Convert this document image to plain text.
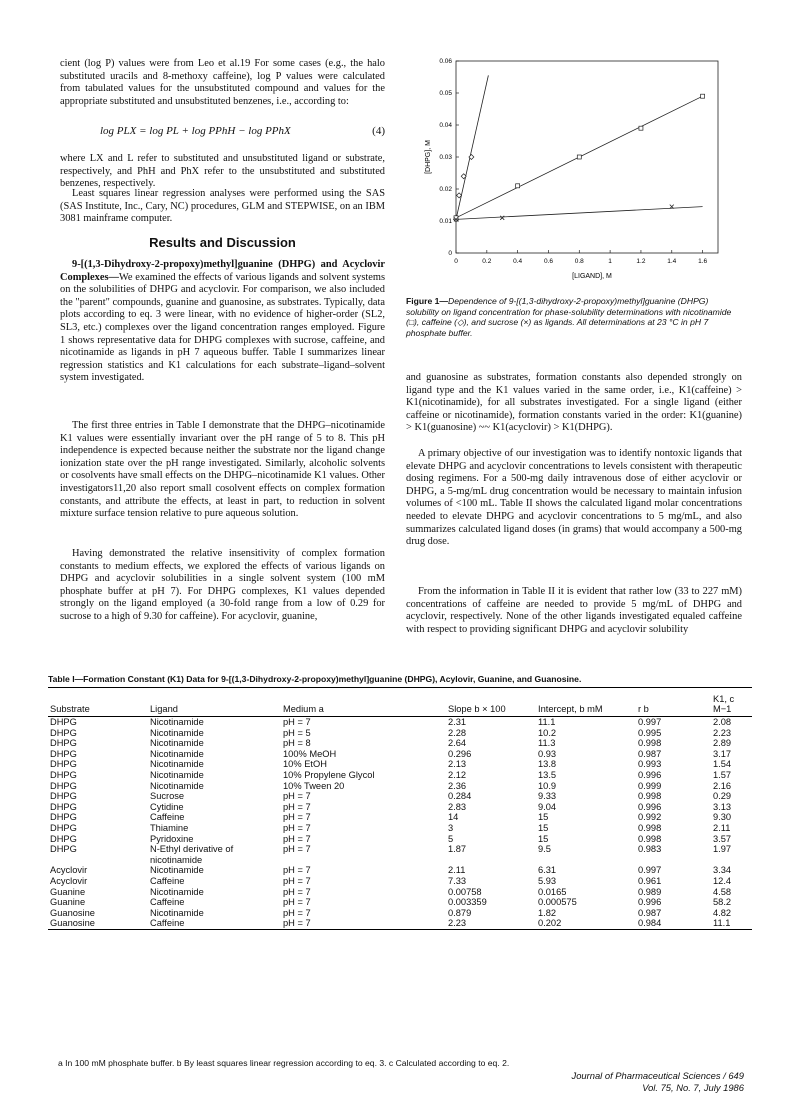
cient (log P) values were from Leo et al.19 For some cases (e.g., the halo substituted uracils and 8-methoxy caffeine), log P values were calculated from tabulated values for the unsubstituted compound and values for the appropriate substituted and unsubstituted benzenes, i.e., according to:

log PLX = log PL + log PPhH − log PPhX	(4)

where LX and L refer to substituted and unsubstituted ligand or substrate, respectively, and PhH and PhX refer to the unsubstituted and substituted benzenes, respectively.

Least squares linear regression analyses were performed using the SAS (SAS Institute, Inc., Cary, NC) procedures, GLM and STEPWISE, on an IBM 3081 mainframe computer.

Results and Discussion

9-[(1,3-Dihydroxy-2-propoxy)methyl]guanine (DHPG) and Acyclovir Complexes—We examined the effects of various ligands and solvent systems on the solubilities of DHPG and acyclovir. For comparison, we also included the "parent" compounds, guanine and guanosine, as substrates. Typically, data plots according to eq. 3 were linear, with no evidence of higher-order (SL2, SL3, etc.) complexes over the ligand concentration ranges employed. Figure 1 shows representative data for DHPG complexes with sucrose, caffeine, and nicotinamide as ligands in pH 7 aqueous buffer. Table I summarizes linear regression statistics and K1 calculations for each substrate–ligand–solvent system investigated.

The first three entries in Table I demonstrate that the DHPG–nicotinamide K1 values were essentially invariant over the pH range of 5 to 8. This pH independence is expected because neither the substrate nor the ligand change ionization state over the pH range investigated. Similarly, alcoholic solvents or cosolvents have small effects on the DHPG–nicotinamide K1 values. Other investigators11,20 also report small cosolvent effects on complex formation constants, and attribute the effects, at least in part, to reduction in solvent mixture surface tension relative to pure aqueous solution.

Having demonstrated the relative insensitivity of complex formation constants to medium effects, we explored the effects of various ligands on DHPG and acyclovir solubilities in a single solvent system (100 mM phosphate buffer at pH 7). For DHPG complexes, K1 values depended strongly on the ligand employed (a 30-fold range from a low of 0.29 for sucrose to a high of 9.30 for caffeine). For acyclovir, guanine,

0	0.2	0.4	0.6	0.8	1	1.2	1.4	1.6
0
0.01
0.02
0.03
0.04
0.05
0.06
[LIGAND], M
[DHPG], M
Figure 1—Dependence of 9-[(1,3-dihydroxy-2-propoxy)methyl]guanine (DHPG) solubility on ligand concentration for phase-solubility determinations with nicotinamide (□), caffeine (◇), and sucrose (×) as ligands. All determinations at 23 °C in pH 7 phosphate buffer.

and guanosine as substrates, formation constants also depended strongly on ligand type and the K1 values varied in the same order, i.e., K1(caffeine) > K1(nicotinamide), for all substrates investigated. For a single ligand (either caffeine or nicotinamide), formation constants varied in the order: K1(guanine) > K1(guanosine) ~~ K1(acyclovir) > K1(DHPG).

A primary objective of our investigation was to identify nontoxic ligands that elevate DHPG and acyclovir concentrations to levels consistent with therapeutic dosing regimens. For a 500-mg daily intravenous dose of either acyclovir or DHPG, a 5-mg/mL drug concentration would be necessary to maintain infusion volumes of <100 mL. Table II shows the calculated ligand molar concentrations needed to elevate DHPG and acyclovir concentrations to 5 mg/mL, and also summarizes calculated ligand doses (in grams) that would accompany a 500-mg drug dose.

From the information in Table II it is evident that rather low (33 to 227 mM) concentrations of caffeine are needed to provide 5 mg/mL of DHPG and acyclovir, respectively. None of the other ligands investigated equaled caffeine with respect to providing significant DHPG and acyclovir solubility

Table I—Formation Constant (K1) Data for 9-[(1,3-Dihydroxy-2-propoxy)methyl]guanine (DHPG), Acylovir, Guanine, and Guanosine.
Substrate	Ligand	Medium a	Slope b × 100	Intercept, b mM	r b	K1, c M−1
DHPG	Nicotinamide	pH = 7	2.31	11.1	0.997	2.08
DHPG	Nicotinamide	pH = 5	2.28	10.2	0.995	2.23
DHPG	Nicotinamide	pH = 8	2.64	11.3	0.998	2.89
DHPG	Nicotinamide	100% MeOH	0.296	0.93	0.987	3.17
DHPG	Nicotinamide	10% EtOH	2.13	13.8	0.993	1.54
DHPG	Nicotinamide	10% Propylene Glycol	2.12	13.5	0.996	1.57
DHPG	Nicotinamide	10% Tween 20	2.36	10.9	0.999	2.16
DHPG	Sucrose	pH = 7	0.284	9.33	0.998	0.29
DHPG	Cytidine	pH = 7	2.83	9.04	0.996	3.13
DHPG	Caffeine	pH = 7	14	15	0.992	9.30
DHPG	Thiamine	pH = 7	3	15	0.998	2.11
DHPG	Pyridoxine	pH = 7	5	15	0.998	3.57
DHPG	N-Ethyl derivative of nicotinamide	pH = 7	1.87	9.5	0.983	1.97
Acyclovir	Nicotinamide	pH = 7	2.11	6.31	0.997	3.34
Acyclovir	Caffeine	pH = 7	7.33	5.93	0.961	12.4
Guanine	Nicotinamide	pH = 7	0.00758	0.0165	0.989	4.58
Guanine	Caffeine	pH = 7	0.003359	0.000575	0.996	58.2
Guanosine	Nicotinamide	pH = 7	0.879	1.82	0.987	4.82
Guanosine	Caffeine	pH = 7	2.23	0.202	0.984	11.1
a In 100 mM phosphate buffer. b By least squares linear regression according to eq. 3. c Calculated according to eq. 2.
Journal of Pharmaceutical Sciences / 649
Vol. 75, No. 7, July 1986
